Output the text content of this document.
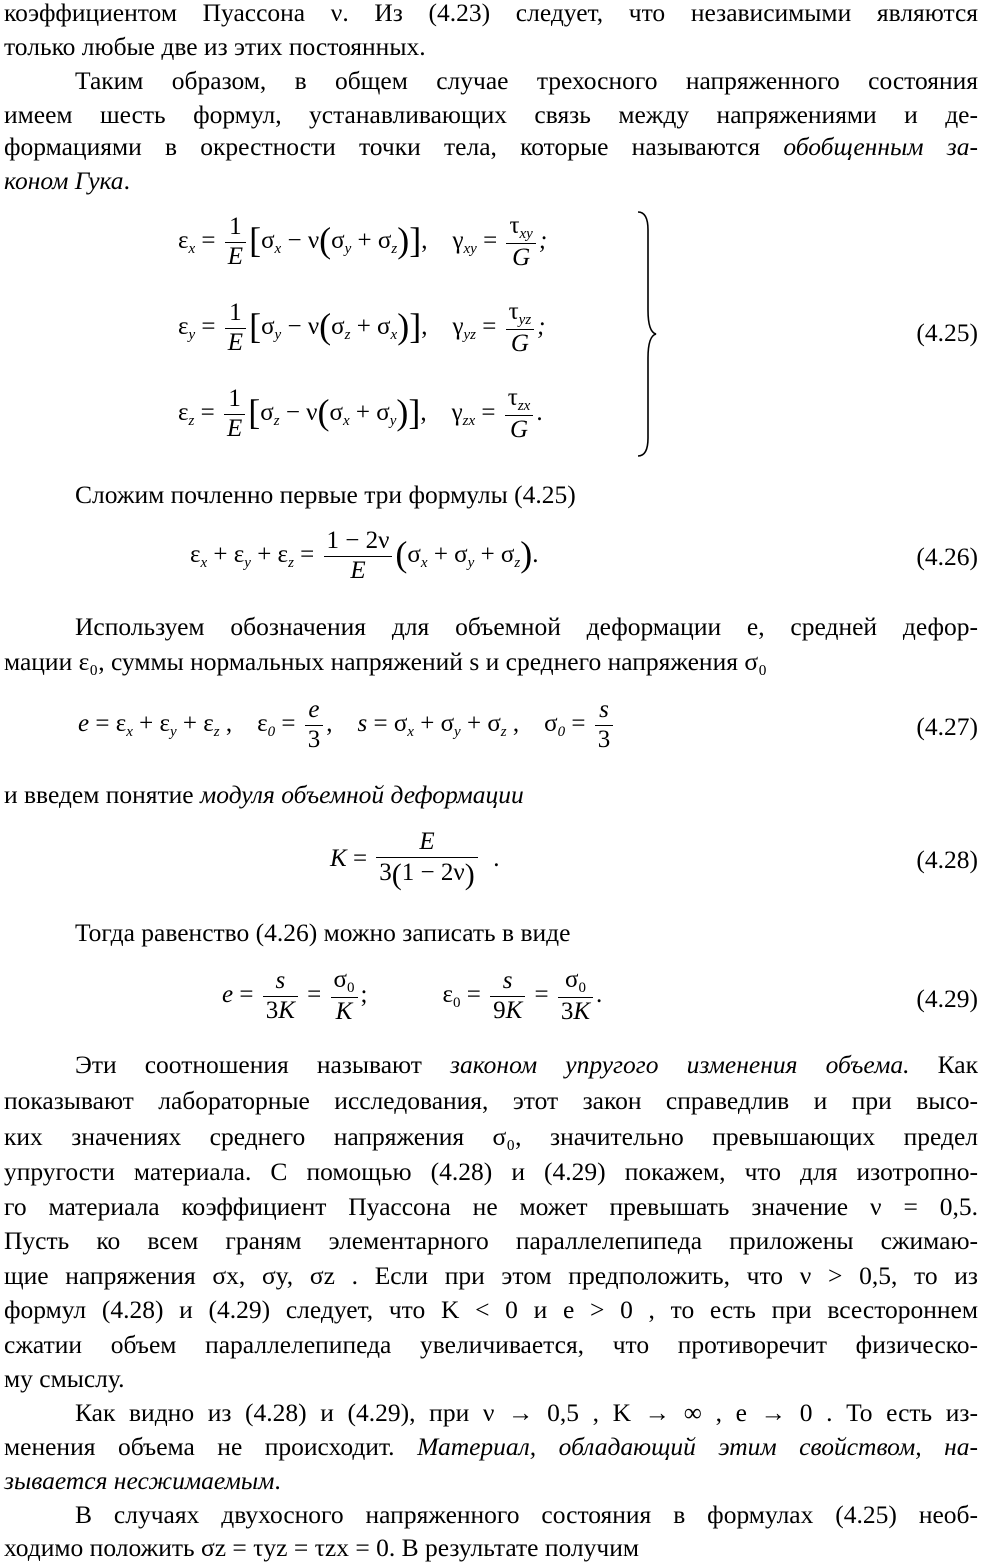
коэффициентом Пуассона ν. Из (4.23) следует, что независимыми являются
только любые две из этих постоянных.
Таким образом, в общем случае трехосного напряженного состояния
имеем шесть формул, устанавливающих связь между напряжениями и де-
формациями в окрестности точки тела, которые называются обобщенным за-
коном Гука.
$\varepsilon_x = \frac{1}{E} [\sigma_x - \nu(\sigma_y + \sigma_z)]$,    $\gamma_{xy} = \frac{\tau_{xy}}{G}$ ;
$\varepsilon_y = \frac{1}{E} [\sigma_y - \nu(\sigma_z + \sigma_x)]$,    $\gamma_{yz} = \frac{\tau_{yz}}{G}$ ;
$\varepsilon_z = \frac{1}{E} [\sigma_z - \nu(\sigma_x + \sigma_y)]$,    $\gamma_{zx} = \frac{\tau_{zx}}{G}$ .
(4.25)
Сложим почленно первые три формулы (4.25)
$\varepsilon_x + \varepsilon_y + \varepsilon_z = \frac{1 - 2\nu}{E} (\sigma_x + \sigma_y + \sigma_z)$.	(4.26)
Используем обозначения для объемной деформации e, средней дефор-
мации ε₀, суммы нормальных напряжений s и среднего напряжения σ₀
$e = \varepsilon_x + \varepsilon_y + \varepsilon_z$ ,    $\varepsilon_0 = \frac{e}{3}$ ,    $s = \sigma_x + \sigma_y + \sigma_z$ ,    $\sigma_0 = \frac{s}{3}$	(4.27)
и введем понятие модуля объемной деформации
$K = \frac{E}{3(1 - 2\nu)}$ .	(4.28)
Тогда равенство (4.26) можно записать в виде
$e = \frac{s}{3K} = \frac{\sigma_0}{K}$ ;            $\varepsilon_0 = \frac{s}{9K} = \frac{\sigma_0}{3K}$ .	(4.29)
Эти соотношения называют законом упругого изменения объема. Как
показывают лабораторные исследования, этот закон справедлив и при высо-
ких значениях среднего напряжения σ₀, значительно превышающих предел
упругости материала. С помощью (4.28) и (4.29) покажем, что для изотропно-
го материала коэффициент Пуассона не может превышать значение ν = 0,5.
Пусть ко всем граням элементарного параллелепипеда приложены сжимаю-
щие напряжения σx, σy, σz . Если при этом предположить, что ν > 0,5, то из
формул (4.28) и (4.29) следует, что K < 0 и e > 0 , то есть при всестороннем
сжатии объем параллелепипеда увеличивается, что противоречит физическо-
му смыслу.
Как видно из (4.28) и (4.29), при ν → 0,5 , K → ∞ , e → 0 . То есть из-
менения объема не происходит. Материал, обладающий этим свойством, на-
зывается несжимаемым.
В случаях двухосного напряженного состояния в формулах (4.25) необ-
ходимо положить σz = τyz = τzx = 0. В результате получим
